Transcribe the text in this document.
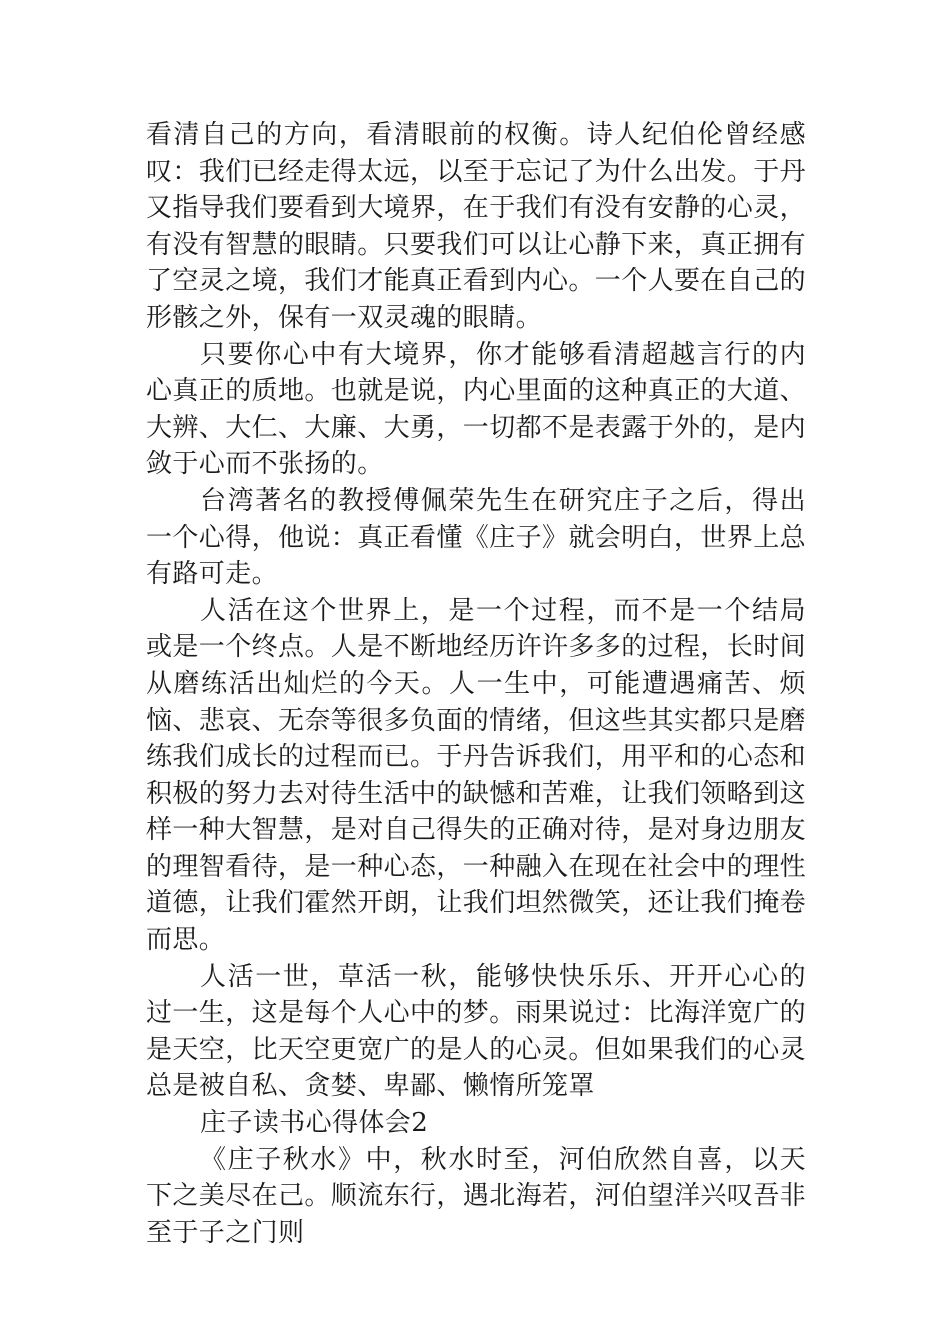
看清自己的方向，看清眼前的权衡。诗人纪伯伦曾经感叹：我们已经走得太远，以至于忘记了为什么出发。于丹又指导我们要看到大境界，在于我们有没有安静的心灵，有没有智慧的眼睛。只要我们可以让心静下来，真正拥有了空灵之境，我们才能真正看到内心。一个人要在自己的形骸之外，保有一双灵魂的眼睛。

只要你心中有大境界，你才能够看清超越言行的内心真正的质地。也就是说，内心里面的这种真正的大道、大辨、大仁、大廉、大勇，一切都不是表露于外的，是内敛于心而不张扬的。

台湾著名的教授傅佩荣先生在研究庄子之后，得出一个心得，他说：真正看懂《庄子》就会明白，世界上总有路可走。

人活在这个世界上，是一个过程，而不是一个结局或是一个终点。人是不断地经历许许多多的过程，长时间从磨练活出灿烂的今天。人一生中，可能遭遇痛苦、烦恼、悲哀、无奈等很多负面的情绪，但这些其实都只是磨练我们成长的过程而已。于丹告诉我们，用平和的心态和积极的努力去对待生活中的缺憾和苦难，让我们领略到这样一种大智慧，是对自己得失的正确对待，是对身边朋友的理智看待，是一种心态，一种融入在现在社会中的理性道德，让我们霍然开朗，让我们坦然微笑，还让我们掩卷而思。

人活一世，草活一秋，能够快快乐乐、开开心心的过一生，这是每个人心中的梦。雨果说过：比海洋宽广的是天空，比天空更宽广的是人的心灵。但如果我们的心灵总是被自私、贪婪、卑鄙、懒惰所笼罩

庄子读书心得体会2

《庄子秋水》中，秋水时至，河伯欣然自喜，以天下之美尽在己。顺流东行，遇北海若，河伯望洋兴叹吾非至于子之门则
